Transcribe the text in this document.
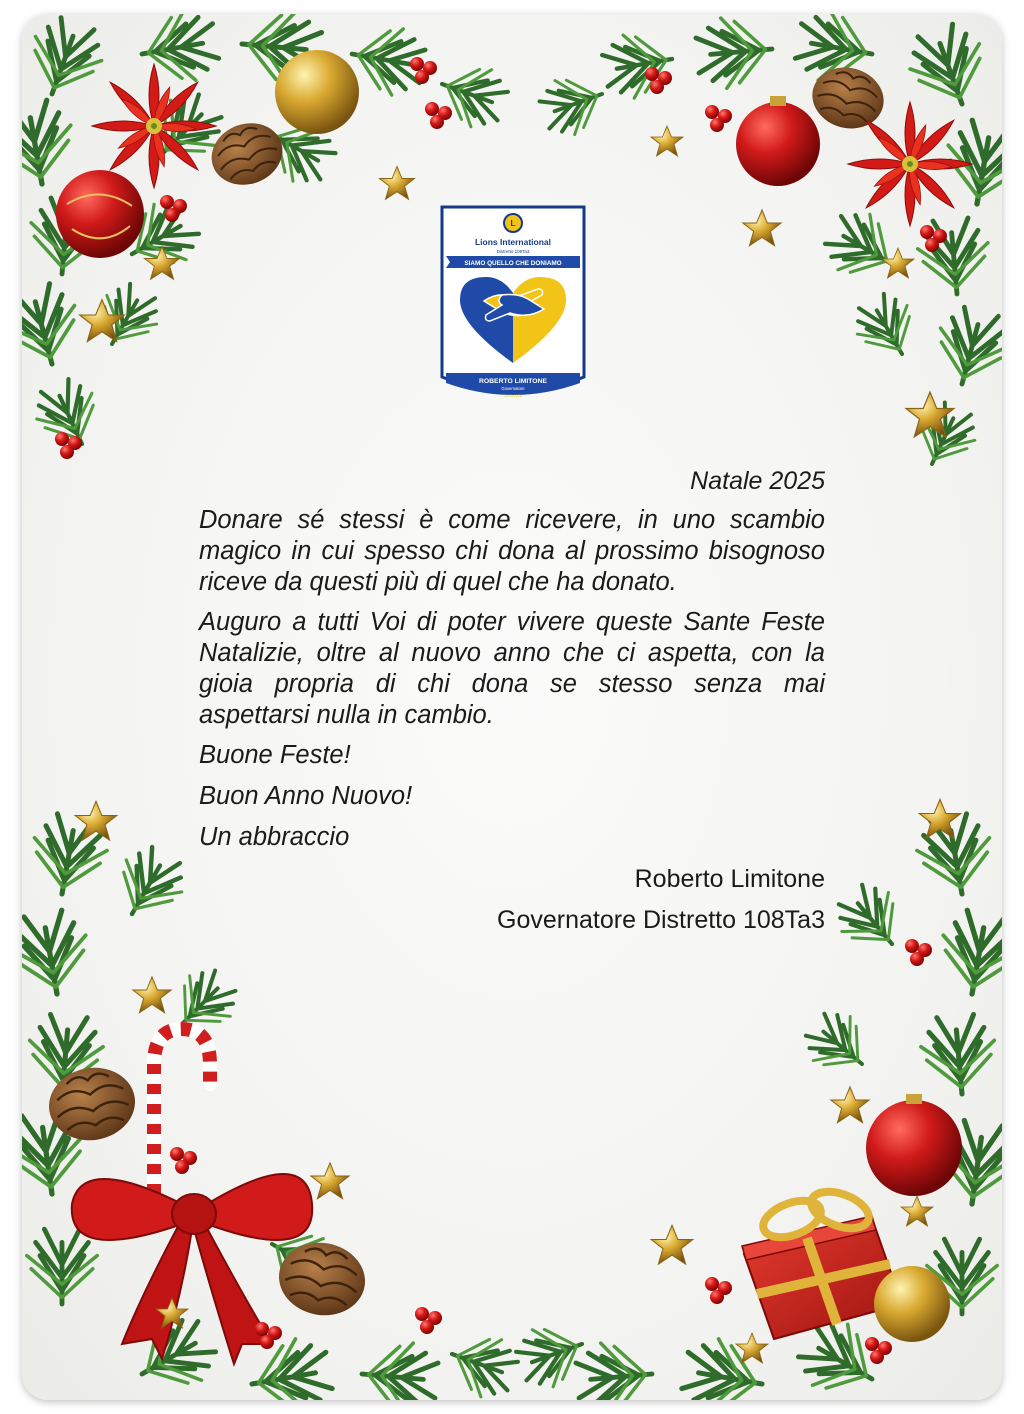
L
Lions International
Distretto 108Ta3
SIAMO QUELLO CHE DONIAMO
ROBERTO LIMITONE
Governatore
2025/2026

Natale 2025

Donare sé stessi è come ricevere, in uno scambio magico in cui spesso chi dona al prossimo bisognoso riceve da questi più di quel che ha donato.

Auguro a tutti Voi di poter vivere queste Sante Feste Natalizie, oltre al nuovo anno che ci aspetta, con la gioia propria di chi dona se stesso senza mai aspettarsi nulla in cambio.

Buone Feste!

Buon Anno Nuovo!

Un abbraccio

Roberto Limitone

Governatore Distretto 108Ta3
